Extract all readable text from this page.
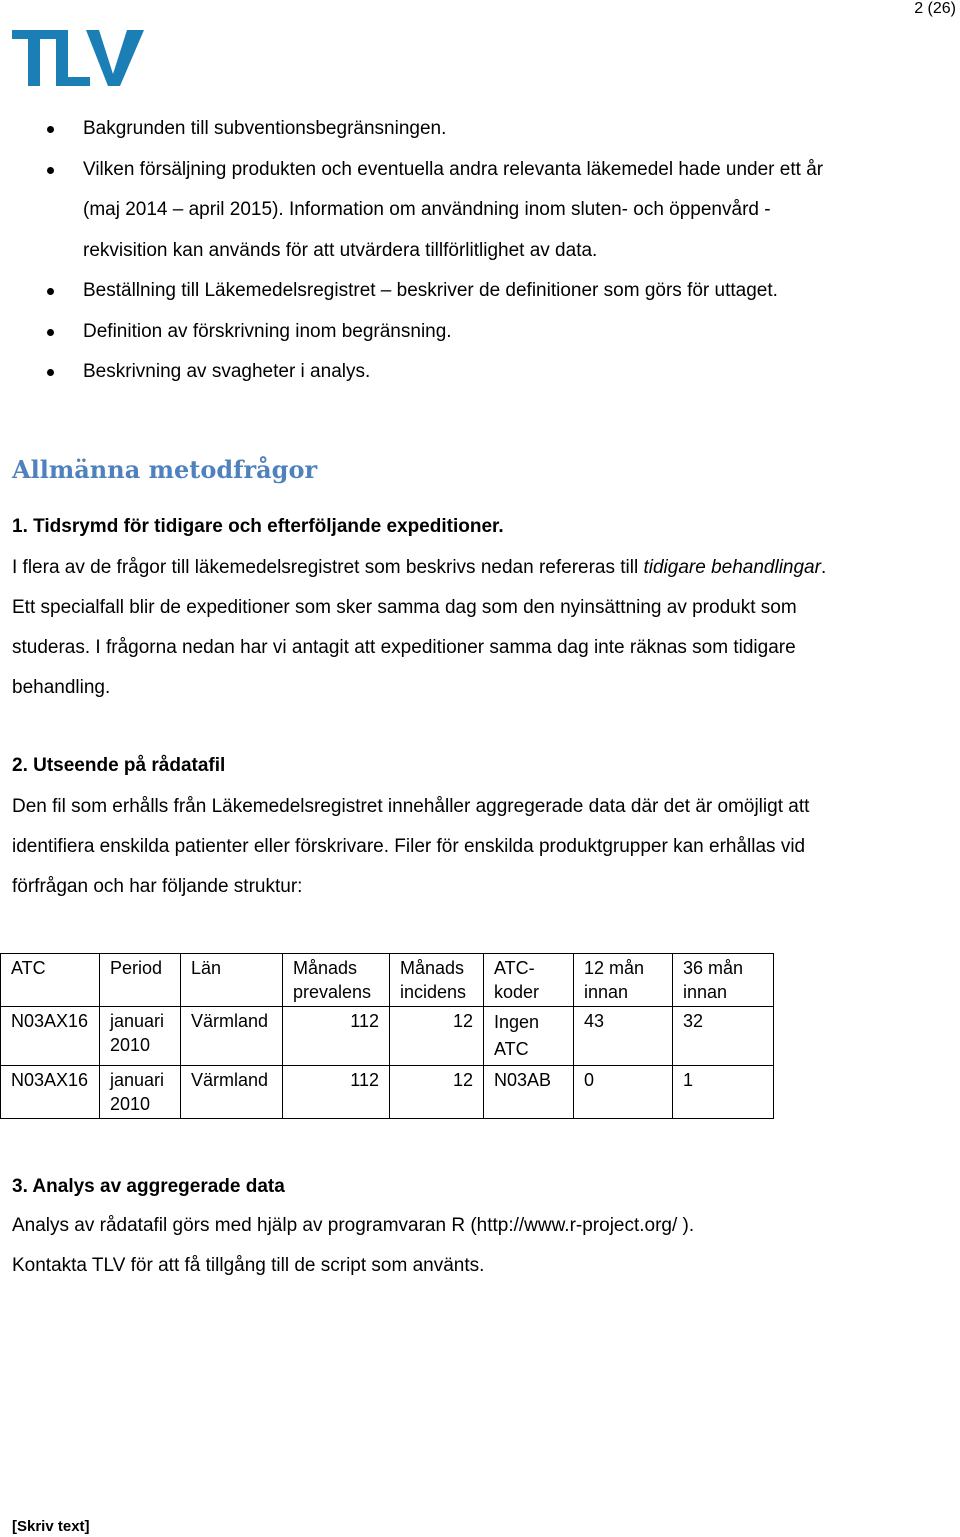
2 (26)
Bakgrunden till subventionsbegränsningen.
Vilken försäljning produkten och eventuella andra relevanta läkemedel hade under ett år (maj 2014 – april 2015). Information om användning inom sluten- och öppenvård - rekvisition kan används för att utvärdera tillförlitlighet av data.
Beställning till Läkemedelsregistret – beskriver de definitioner som görs för uttaget.
Definition av förskrivning inom begränsning.
Beskrivning av svagheter i analys.
Allmänna metodfrågor
1. Tidsrymd för tidigare och efterföljande expeditioner.

I flera av de frågor till läkemedelsregistret som beskrivs nedan refereras till tidigare behandlingar. Ett specialfall blir de expeditioner som sker samma dag som den nyinsättning av produkt som studeras. I frågorna nedan har vi antagit att expeditioner samma dag inte räknas som tidigare behandling.

2. Utseende på rådatafil

Den fil som erhålls från Läkemedelsregistret innehåller aggregerade data där det är omöjligt att identifiera enskilda patienter eller förskrivare. Filer för enskilda produktgrupper kan erhållas vid förfrågan och har följande struktur:

ATC	Period	Län	Månads prevalens	Månads incidens	ATC-koder	12 mån innan	36 mån innan
N03AX16	januari 2010	Värmland	112	12	Ingen ATC	43	32
N03AX16	januari 2010	Värmland	112	12	N03AB	0	1
3. Analys av aggregerade data
Analys av rådatafil görs med hjälp av programvaran R (http://www.r-project.org/ ).
Kontakta TLV för att få tillgång till de script som använts.
[Skriv text]
